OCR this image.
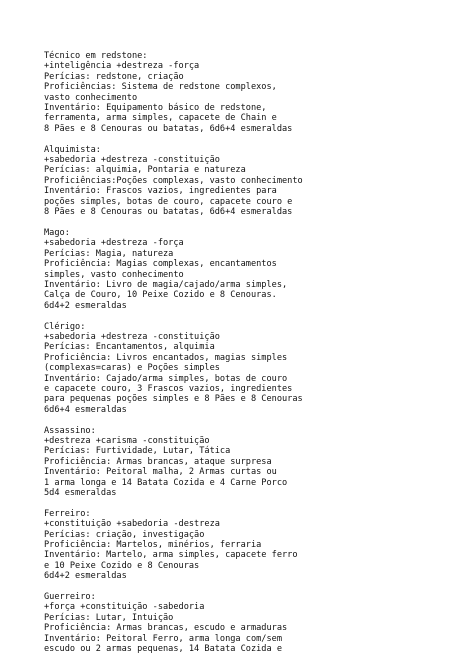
Técnico em redstone:
+inteligência +destreza -força
Perícias: redstone, criação
Proficiências: Sistema de redstone complexos,
vasto conhecimento
Inventário: Equipamento básico de redstone,
ferramenta, arma simples, capacete de Chain e
8 Pães e 8 Cenouras ou batatas, 6d6+4 esmeraldas
Alquimista:
+sabedoria +destreza -constituição
Perícias: alquimia, Pontaria e natureza
Proficiências:Poções complexas, vasto conhecimento
Inventário: Frascos vazios, ingredientes para
poções simples, botas de couro, capacete couro e
8 Pães e 8 Cenouras ou batatas, 6d6+4 esmeraldas
Mago:
+sabedoria +destreza -força
Perícias: Magia, natureza
Proficiência: Magias complexas, encantamentos
simples, vasto conhecimento
Inventário: Livro de magia/cajado/arma simples,
Calça de Couro, 10 Peixe Cozido e 8 Cenouras.
6d4+2 esmeraldas
Clérigo:
+sabedoria +destreza -constituição
Perícias: Encantamentos, alquimia
Proficiência: Livros encantados, magias simples
(complexas=caras) e Poções simples
Inventário: Cajado/arma simples, botas de couro
e capacete couro, 3 Frascos vazios, ingredientes
para pequenas poções simples e 8 Pães e 8 Cenouras
6d6+4 esmeraldas
Assassino:
+destreza +carisma -constituição
Perícias: Furtividade, Lutar, Tática
Proficiência: Armas brancas, ataque surpresa
Inventário: Peitoral malha, 2 Armas curtas ou
1 arma longa e 14 Batata Cozida e 4 Carne Porco
5d4 esmeraldas
Ferreiro:
+constituição +sabedoria -destreza
Perícias: criação, investigação
Proficiência: Martelos, minérios, ferraria
Inventário: Martelo, arma simples, capacete ferro
e 10 Peixe Cozido e 8 Cenouras
6d4+2 esmeraldas
Guerreiro:
+força +constituição -sabedoria
Perícias: Lutar, Intuição
Proficiência: Armas brancas, escudo e armaduras
Inventário: Peitoral Ferro, arma longa com/sem
escudo ou 2 armas pequenas, 14 Batata Cozida e
